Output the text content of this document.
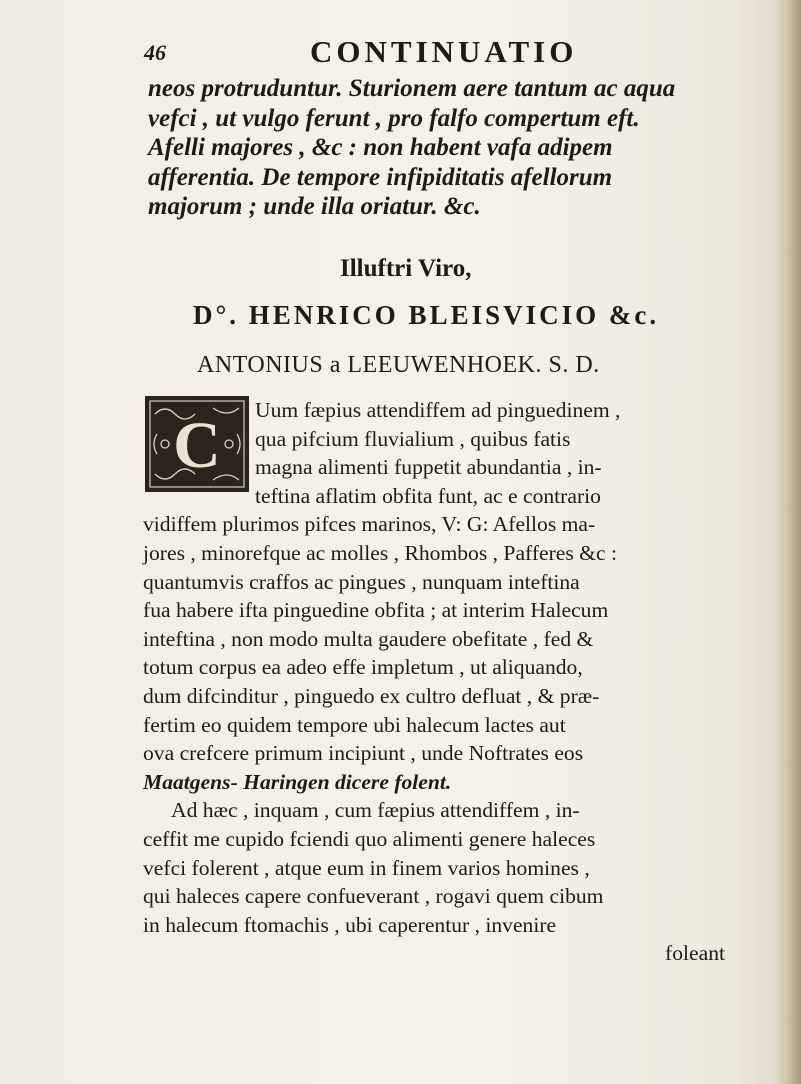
46	CONTINUATIO
neos protruduntur. Sturionem aere tantum ac aqua
vefci , ut vulgo ferunt , pro falfo compertum eft.
Afelli majores , &c : non habent vafa adipem
afferentia. De tempore infipiditatis afellorum
majorum ; unde illa oriatur. &c.
Illuftri Viro,
D°. HENRICO BLEISVICIO &c.
ANTONIUS a LEEUWENHOEK. S. D.
C	Uum fæpius attendiffem ad pinguedinem ,
qua pifcium fluvialium , quibus fatis
magna alimenti fuppetit abundantia , in-
teftina aflatim obfita funt, ac e contrario
vidiffem plurimos pifces marinos, V: G: Afellos ma-
jores , minorefque ac molles , Rhombos , Pafferes &c :
quantumvis craffos ac pingues , nunquam inteftina
fua habere ifta pinguedine obfita ; at interim Halecum
inteftina , non modo multa gaudere obefitate , fed &
totum corpus ea adeo effe impletum , ut aliquando,
dum difcinditur , pinguedo ex cultro defluat , & præ-
fertim eo quidem tempore ubi halecum lactes aut
ova crefcere primum incipiunt , unde Noftrates eos
Maatgens- Haringen dicere folent.
Ad hæc , inquam , cum fæpius attendiffem , in-
ceffit me cupido fciendi quo alimenti genere haleces
vefci folerent , atque eum in finem varios homines ,
qui haleces capere confueverant , rogavi quem cibum
in halecum ftomachis , ubi caperentur , invenire
foleant
